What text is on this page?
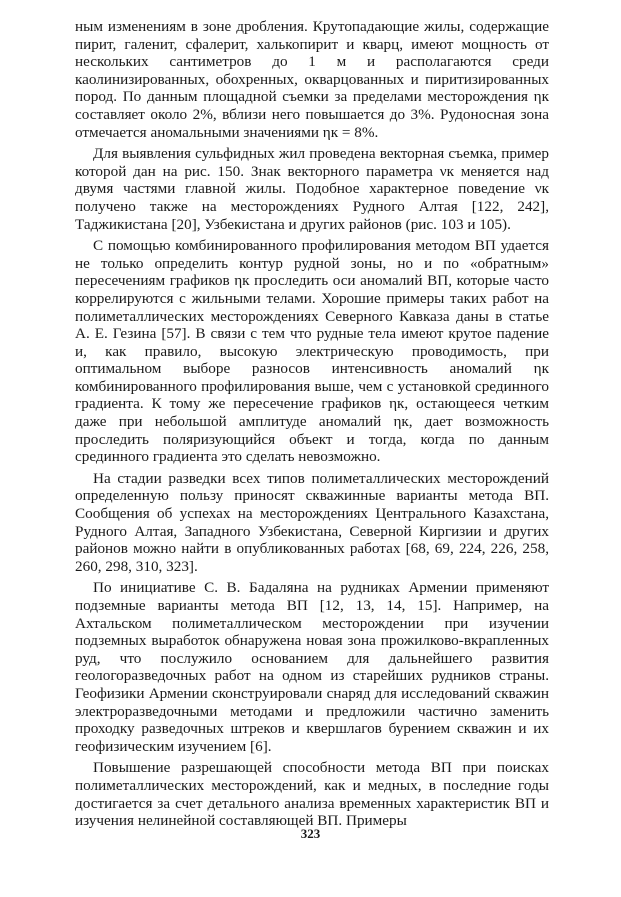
ным изменениям в зоне дробления. Крутопадающие жилы, содержащие пирит, галенит, сфалерит, халькопирит и кварц, имеют мощность от нескольких сантиметров до 1 м и располагаются среди каолинизированных, обохренных, окварцованных и пиритизированных пород. По данным площадной съемки за пределами месторождения ηк составляет около 2%, вблизи него повышается до 3%. Рудоносная зона отмечается аномальными значениями ηк = 8%.

Для выявления сульфидных жил проведена векторная съемка, пример которой дан на рис. 150. Знак векторного параметра νк меняется над двумя частями главной жилы. Подобное характерное поведение νк получено также на месторождениях Рудного Алтая [122, 242], Таджикистана [20], Узбекистана и других районов (рис. 103 и 105).

С помощью комбинированного профилирования методом ВП удается не только определить контур рудной зоны, но и по «обратным» пересечениям графиков ηк проследить оси аномалий ВП, которые часто коррелируются с жильными телами. Хорошие примеры таких работ на полиметаллических месторождениях Северного Кавказа даны в статье А. Е. Гезина [57]. В связи с тем что рудные тела имеют крутое падение и, как правило, высокую электрическую проводимость, при оптимальном выборе разносов интенсивность аномалий ηк комбинированного профилирования выше, чем с установкой срединного градиента. К тому же пересечение графиков ηк, остающееся четким даже при небольшой амплитуде аномалий ηк, дает возможность проследить поляризующийся объект и тогда, когда по данным срединного градиента это сделать невозможно.

На стадии разведки всех типов полиметаллических месторождений определенную пользу приносят скважинные варианты метода ВП. Сообщения об успехах на месторождениях Центрального Казахстана, Рудного Алтая, Западного Узбекистана, Северной Киргизии и других районов можно найти в опубликованных работах [68, 69, 224, 226, 258, 260, 298, 310, 323].

По инициативе С. В. Бадаляна на рудниках Армении применяют подземные варианты метода ВП [12, 13, 14, 15]. Например, на Ахтальском полиметаллическом месторождении при изучении подземных выработок обнаружена новая зона прожилково-вкрапленных руд, что послужило основанием для дальнейшего развития геологоразведочных работ на одном из старейших рудников страны. Геофизики Армении сконструировали снаряд для исследований скважин электроразведочными методами и предложили частично заменить проходку разведочных штреков и квершлагов бурением скважин и их геофизическим изучением [6].

Повышение разрешающей способности метода ВП при поисках полиметаллических месторождений, как и медных, в последние годы достигается за счет детального анализа временных характеристик ВП и изучения нелинейной составляющей ВП. Примеры

323
